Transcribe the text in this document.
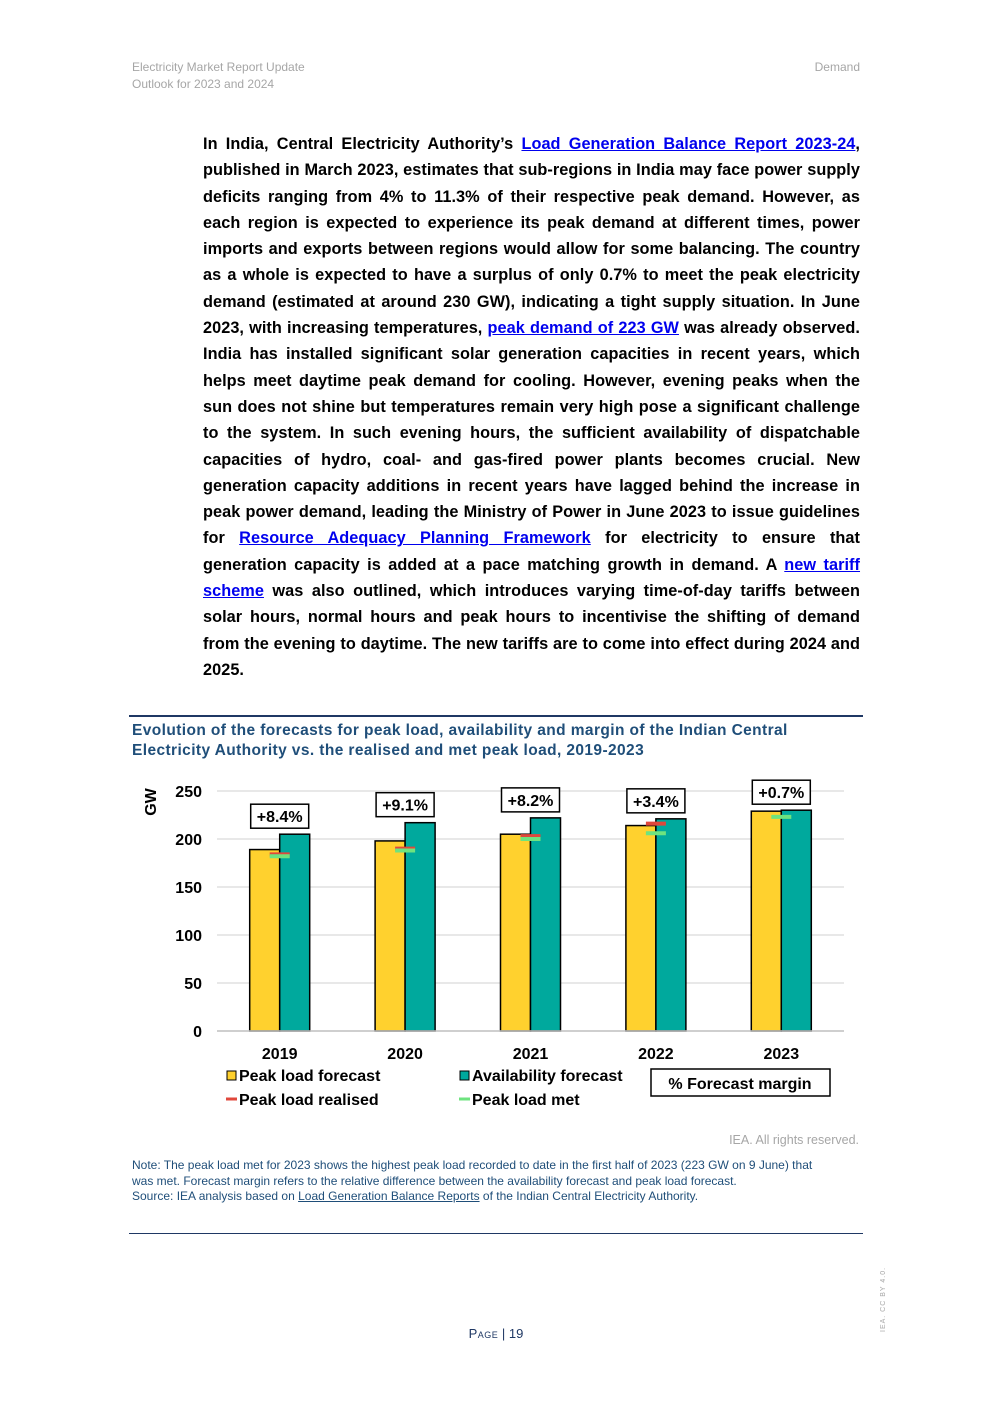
Electricity Market Report Update
Outlook for 2023 and 2024
Demand
In India, Central Electricity Authority’s Load Generation Balance Report 2023-24, published in March 2023, estimates that sub-regions in India may face power supply deficits ranging from 4% to 11.3% of their respective peak demand. However, as each region is expected to experience its peak demand at different times, power imports and exports between regions would allow for some balancing. The country as a whole is expected to have a surplus of only 0.7% to meet the peak electricity demand (estimated at around 230 GW), indicating a tight supply situation. In June 2023, with increasing temperatures, peak demand of 223 GW was already observed. India has installed significant solar generation capacities in recent years, which helps meet daytime peak demand for cooling. However, evening peaks when the sun does not shine but temperatures remain very high pose a significant challenge to the system. In such evening hours, the sufficient availability of dispatchable capacities of hydro, coal- and gas-fired power plants becomes crucial. New generation capacity additions in recent years have lagged behind the increase in peak power demand, leading the Ministry of Power in June 2023 to issue guidelines for Resource Adequacy Planning Framework for electricity to ensure that generation capacity is added at a pace matching growth in demand. A new tariff scheme was also outlined, which introduces varying time-of-day tariffs between solar hours, normal hours and peak hours to incentivise the shifting of demand from the evening to daytime. The new tariffs are to come into effect during 2024 and 2025.
Evolution of the forecasts for peak load, availability and margin of the Indian Central Electricity Authority vs. the realised and met peak load, 2019-2023
+8.4%
+9.1%	+8.2%	+3.4%
+0.7%
0
50
100
150
200
250
GW
2019	2020	2021	2022	2023
Peak load forecast	Availability forecast
Peak load realised	Peak load met
% Forecast margin
IEA. All rights reserved.
Note: The peak load met for 2023 shows the highest peak load recorded to date in the first half of 2023 (223 GW on 9 June) that was met. Forecast margin refers to the relative difference between the availability forecast and peak load forecast.
Source: IEA analysis based on Load Generation Balance Reports of the Indian Central Electricity Authority.
Page | 19
IEA. CC BY 4.0.
